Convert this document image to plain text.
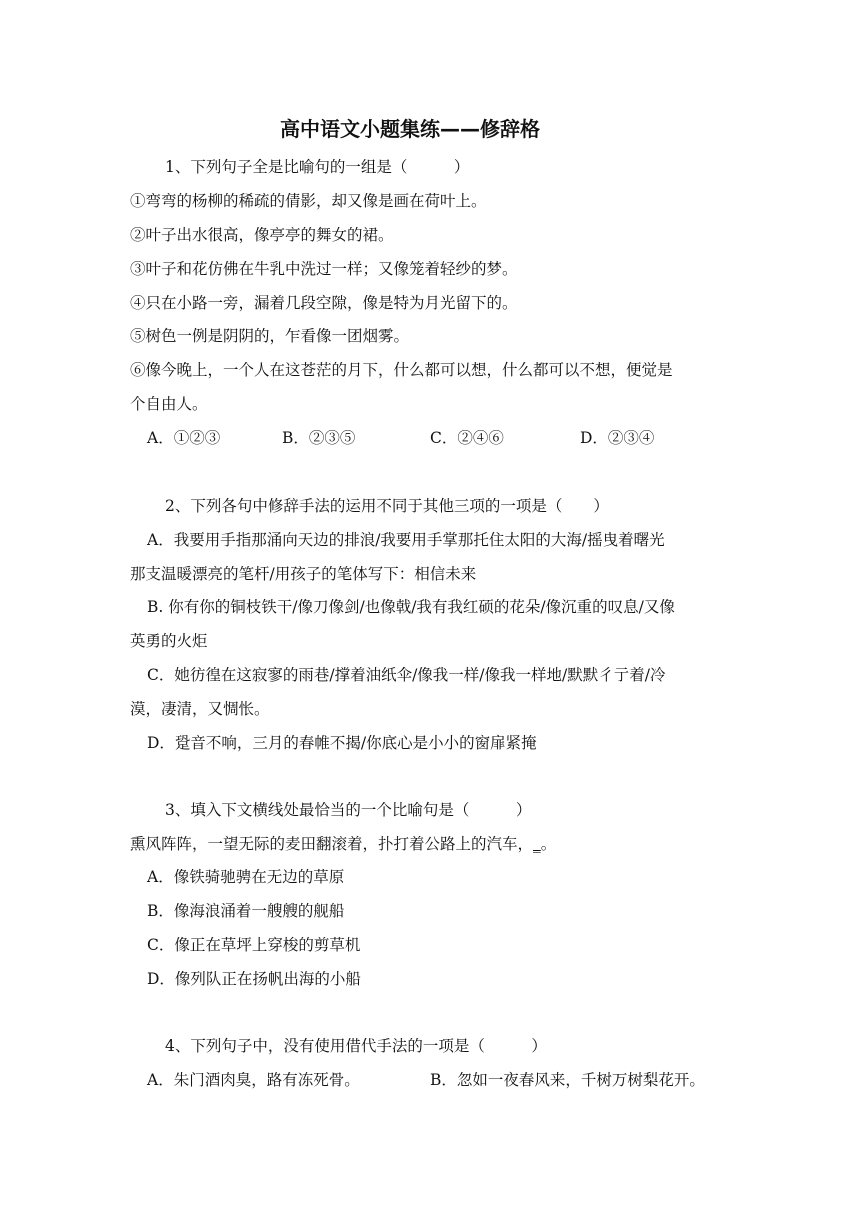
高中语文小题集练——修辞格
1、下列句子全是比喻句的一组是（　　　）
①弯弯的杨柳的稀疏的倩影，却又像是画在荷叶上。
②叶子出水很高，像亭亭的舞女的裙。
③叶子和花仿佛在牛乳中洗过一样；又像笼着轻纱的梦。
④只在小路一旁，漏着几段空隙，像是特为月光留下的。
⑤树色一例是阴阴的，乍看像一团烟雾。
⑥像今晚上，一个人在这苍茫的月下，什么都可以想，什么都可以不想，便觉是
个自由人。
A．①②③	B．②③⑤	C．②④⑥	D．②③④
2、下列各句中修辞手法的运用不同于其他三项的一项是（　　）
A．我要用手指那涌向天边的排浪/我要用手掌那托住太阳的大海/摇曳着曙光
那支温暖漂亮的笔杆/用孩子的笔体写下：相信未来
B. 你有你的铜枝铁干/像刀像剑/也像戟/我有我红硕的花朵/像沉重的叹息/又像
英勇的火炬
C．她彷徨在这寂寥的雨巷/撑着油纸伞/像我一样/像我一样地/默默彳亍着/冷
漠，凄清，又惆怅。
D．跫音不响，三月的春帷不揭/你底心是小小的窗扉紧掩
3、填入下文横线处最恰当的一个比喻句是（　　　）
熏风阵阵，一望无际的麦田翻滚着，扑打着公路上的汽车，_。
A．像铁骑驰骋在无边的草原
B．像海浪涌着一艘艘的舰船
C．像正在草坪上穿梭的剪草机
D．像列队正在扬帆出海的小船
4、下列句子中，没有使用借代手法的一项是（　　　）
A．朱门酒肉臭，路有冻死骨。	B．忽如一夜春风来，千树万树梨花开。
